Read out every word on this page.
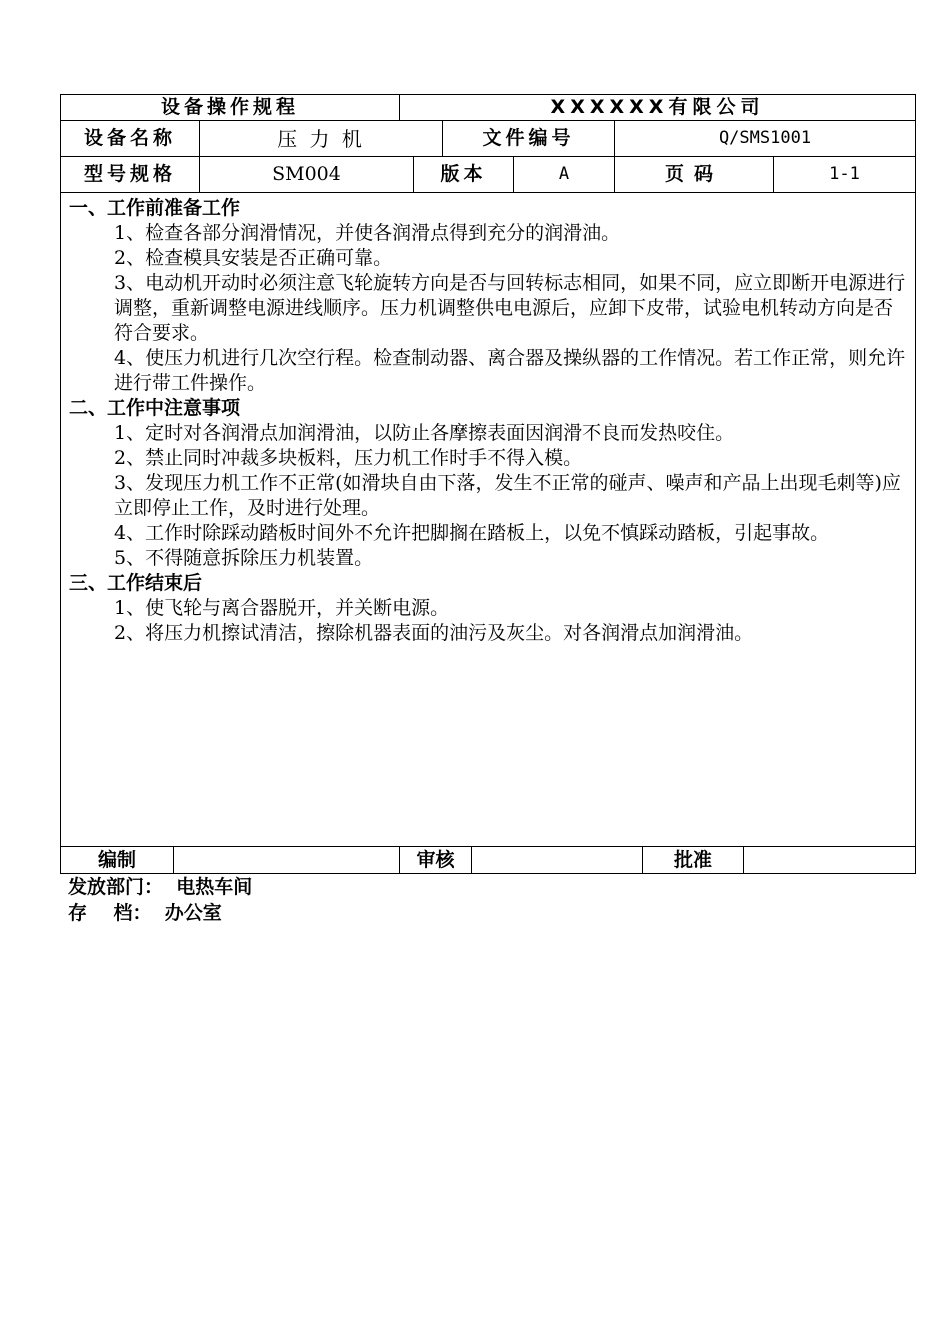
设备操作规程	XXXXXX有限公司
设备名称	压 力 机	文件编号	Q/SMS1001
型号规格	SM004	版本	A	页码	1-1
一、工作前准备工作
1、检查各部分润滑情况，并使各润滑点得到充分的润滑油。
2、检查模具安装是否正确可靠。
3、电动机开动时必须注意飞轮旋转方向是否与回转标志相同，如果不同，应立即断开电源进行调整，重新调整电源进线顺序。压力机调整供电电源后，应卸下皮带，试验电机转动方向是否符合要求。
4、使压力机进行几次空行程。检查制动器、离合器及操纵器的工作情况。若工作正常，则允许进行带工件操作。
二、工作中注意事项
1、定时对各润滑点加润滑油，以防止各摩擦表面因润滑不良而发热咬住。
2、禁止同时冲裁多块板料，压力机工作时手不得入模。
3、发现压力机工作不正常(如滑块自由下落，发生不正常的碰声、噪声和产品上出现毛刺等)应立即停止工作，及时进行处理。
4、工作时除踩动踏板时间外不允许把脚搁在踏板上，以免不慎踩动踏板，引起事故。
5、不得随意拆除压力机装置。
三、工作结束后
1、使飞轮与离合器脱开，并关断电源。
2、将压力机擦试清洁，擦除机器表面的油污及灰尘。对各润滑点加润滑油。
编制	审核	批准
发放部门：  电热车间
存    档：  办公室
